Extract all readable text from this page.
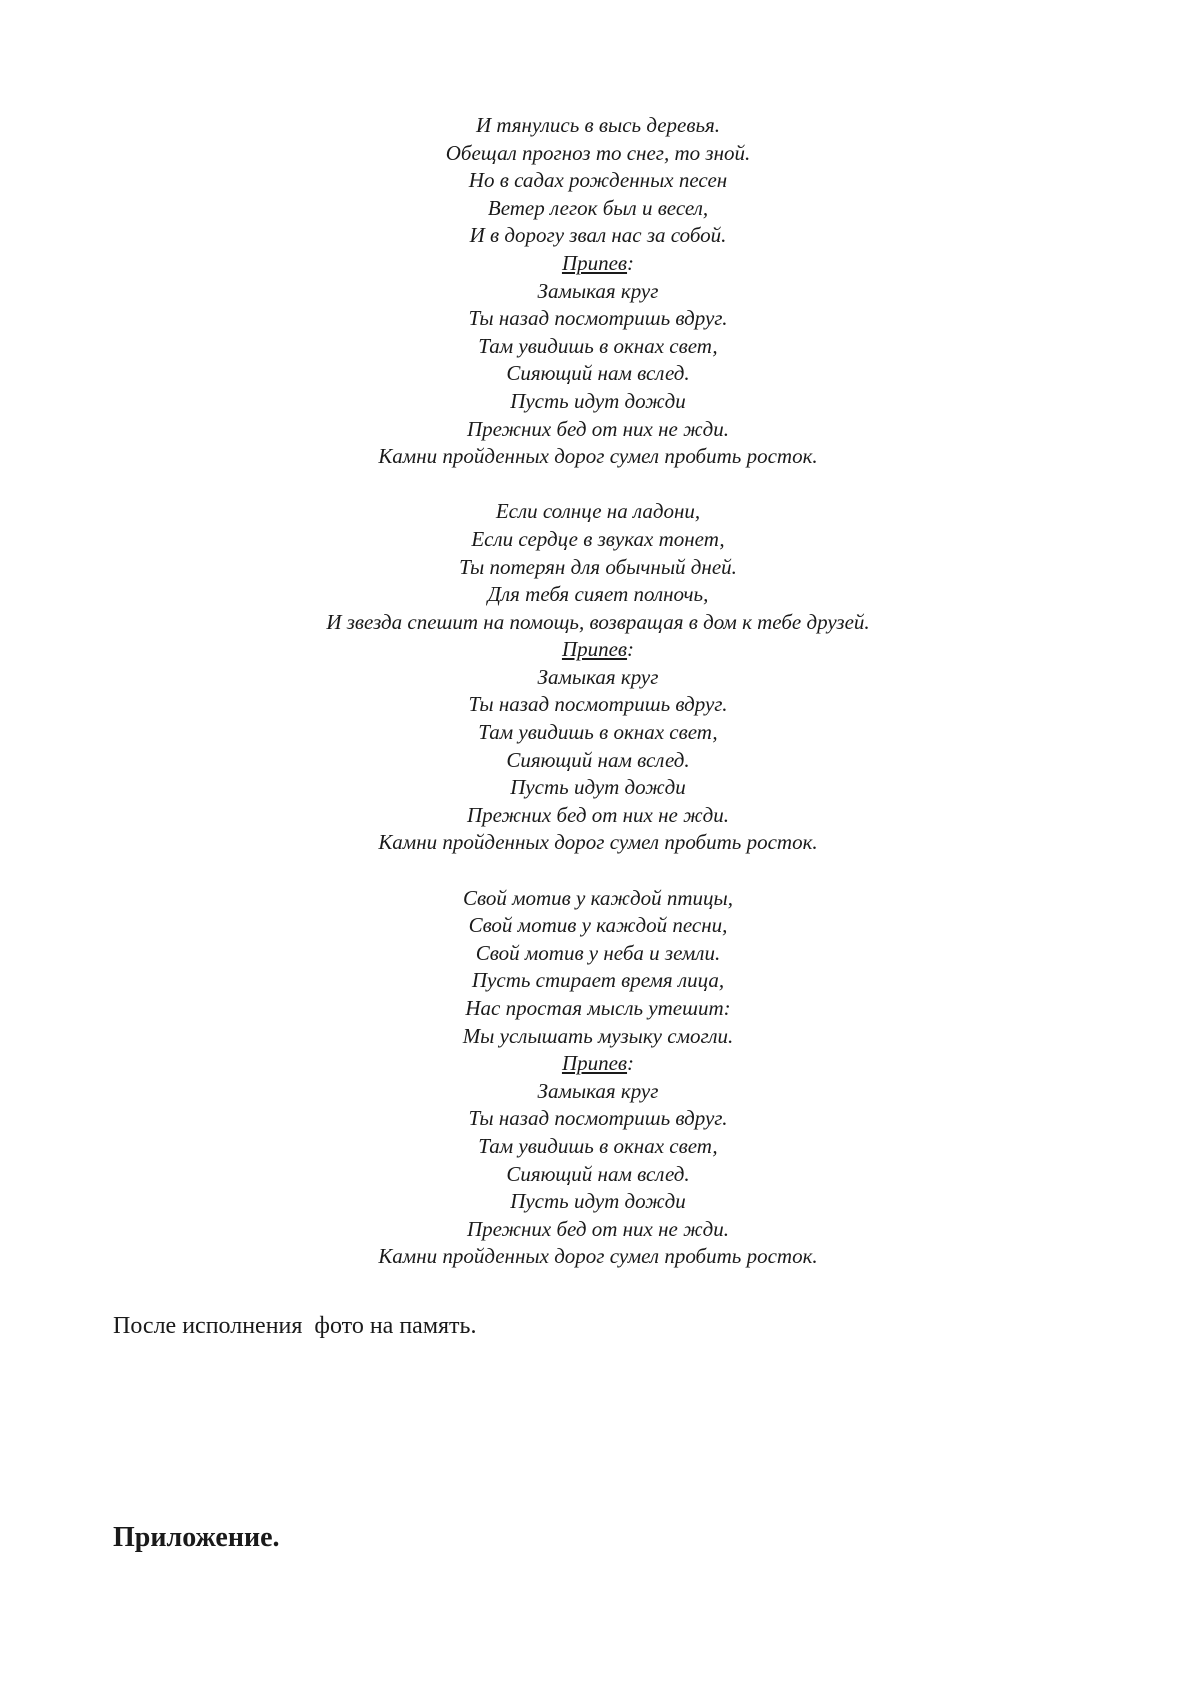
И тянулись в высь деревья.
Обещал прогноз то снег, то зной.
Но в садах рожденных песен
Ветер легок был и весел,
И в дорогу звал нас за собой.
Припев:
Замыкая круг
Ты назад посмотришь вдруг.
Там увидишь в окнах свет,
Сияющий нам вслед.
Пусть идут дожди
Прежних бед от них не жди.
Камни пройденных дорог сумел пробить росток.
Если солнце на ладони,
Если сердце в звуках тонет,
Ты потерян для обычный дней.
Для тебя сияет полночь,
И звезда спешит на помощь, возвращая в дом к тебе друзей.
Припев:
Замыкая круг
Ты назад посмотришь вдруг.
Там увидишь в окнах свет,
Сияющий нам вслед.
Пусть идут дожди
Прежних бед от них не жди.
Камни пройденных дорог сумел пробить росток.
Свой мотив у каждой птицы,
Свой мотив у каждой песни,
Свой мотив у неба и земли.
Пусть стирает время лица,
Нас простая мысль утешит:
Мы услышать музыку смогли.
Припев:
Замыкая круг
Ты назад посмотришь вдруг.
Там увидишь в окнах свет,
Сияющий нам вслед.
Пусть идут дожди
Прежних бед от них не жди.
Камни пройденных дорог сумел пробить росток.
После исполнения  фото на память.
Приложение.
